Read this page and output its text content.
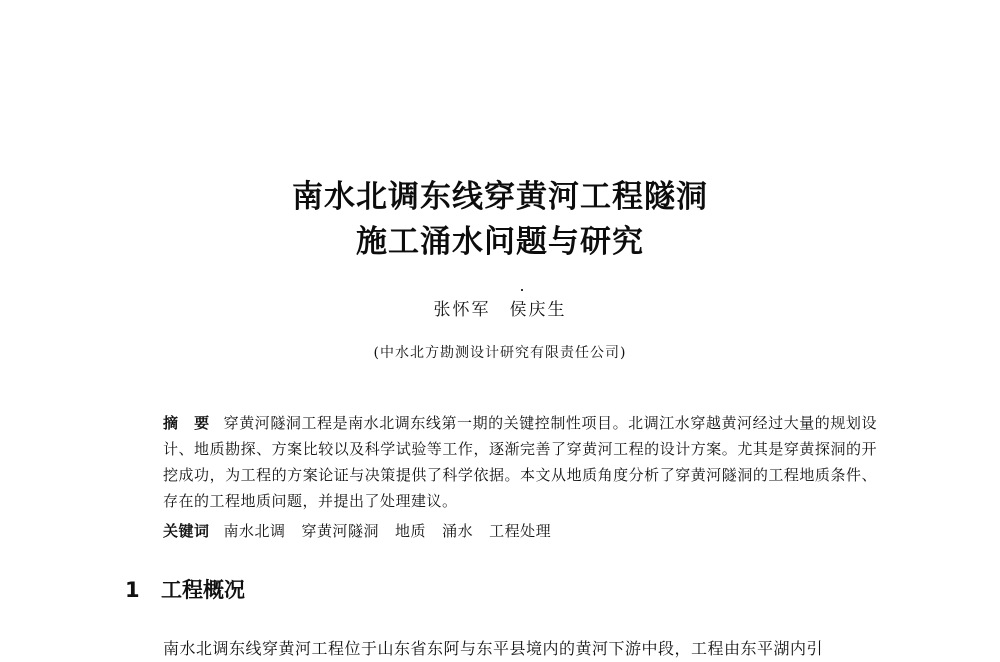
南水北调东线穿黄河工程隧洞
施工涌水问题与研究
张怀军　侯庆生
(中水北方勘测设计研究有限责任公司)
摘　要 穿黄河隧洞工程是南水北调东线第一期的关键控制性项目。北调江水穿越黄河经过大量的规划设计、地质勘探、方案比较以及科学试验等工作，逐渐完善了穿黄河工程的设计方案。尤其是穿黄探洞的开挖成功，为工程的方案论证与决策提供了科学依据。本文从地质角度分析了穿黄河隧洞的工程地质条件、存在的工程地质问题，并提出了处理建议。
关键词 南水北调 穿黄河隧洞 地质 涌水 工程处理
1 工程概况
南水北调东线穿黄河工程位于山东省东阿与东平县境内的黄河下游中段，工程由东平湖内引
